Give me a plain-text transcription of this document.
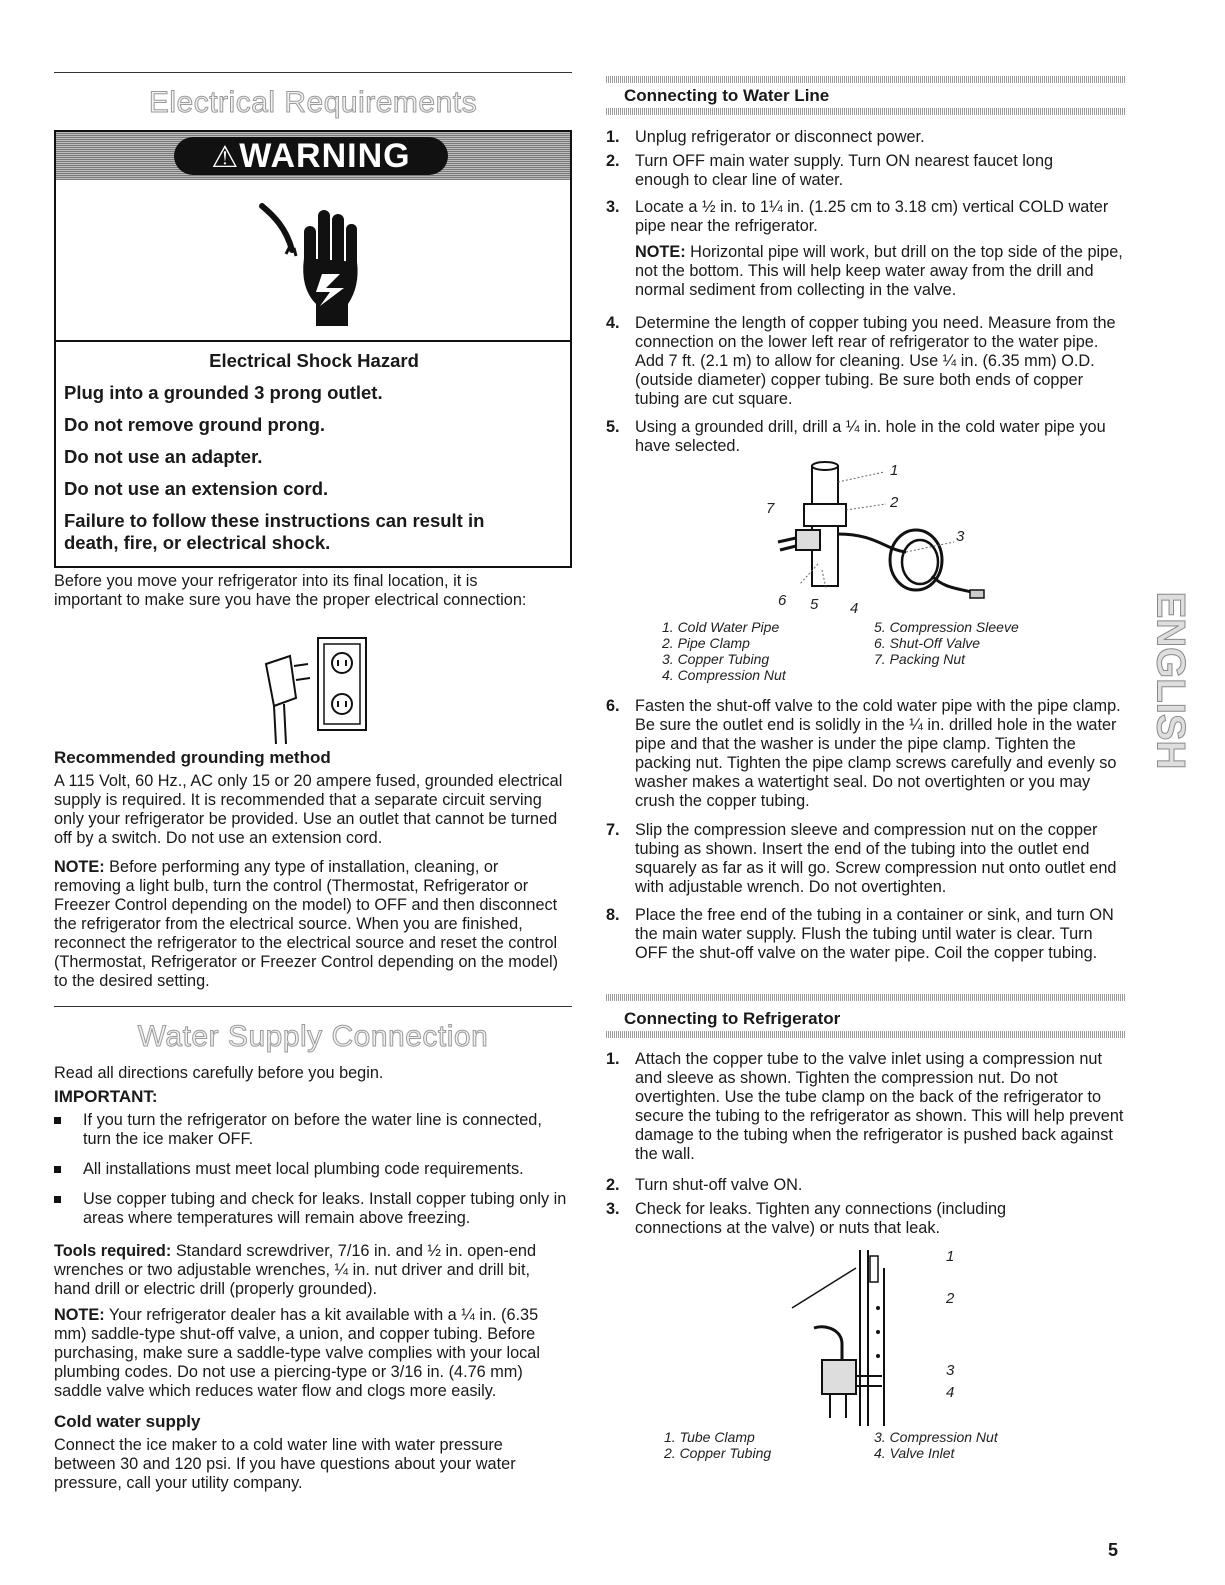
Electrical Requirements
⚠WARNING
Electrical Shock Hazard
Plug into a grounded 3 prong outlet.
Do not remove ground prong.
Do not use an adapter.
Do not use an extension cord.
Failure to follow these instructions can result in death, fire, or electrical shock.

Before you move your refrigerator into its final location, it is important to make sure you have the proper electrical connection:

Recommended grounding method

A 115 Volt, 60 Hz., AC only 15 or 20 ampere fused, grounded electrical supply is required. It is recommended that a separate circuit serving only your refrigerator be provided. Use an outlet that cannot be turned off by a switch. Do not use an extension cord.

NOTE: Before performing any type of installation, cleaning, or removing a light bulb, turn the control (Thermostat, Refrigerator or Freezer Control depending on the model) to OFF and then disconnect the refrigerator from the electrical source. When you are finished, reconnect the refrigerator to the electrical source and reset the control (Thermostat, Refrigerator or Freezer Control depending on the model) to the desired setting.

Water Supply Connection

Read all directions carefully before you begin.

IMPORTANT:
If you turn the refrigerator on before the water line is connected, turn the ice maker OFF.
All installations must meet local plumbing code requirements.
Use copper tubing and check for leaks. Install copper tubing only in areas where temperatures will remain above freezing.

Tools required: Standard screwdriver, 7/16 in. and ½ in. open-end wrenches or two adjustable wrenches, ¼ in. nut driver and drill bit, hand drill or electric drill (properly grounded).

NOTE: Your refrigerator dealer has a kit available with a ¼ in. (6.35 mm) saddle-type shut-off valve, a union, and copper tubing. Before purchasing, make sure a saddle-type valve complies with your local plumbing codes. Do not use a piercing-type or 3/16 in. (4.76 mm) saddle valve which reduces water flow and clogs more easily.

Cold water supply

Connect the ice maker to a cold water line with water pressure between 30 and 120 psi. If you have questions about your water pressure, call your utility company.

Connecting to Water Line
1. Unplug refrigerator or disconnect power.
2. Turn OFF main water supply. Turn ON nearest faucet long enough to clear line of water.
3. Locate a ½ in. to 1¼ in. (1.25 cm to 3.18 cm) vertical COLD water pipe near the refrigerator.

NOTE: Horizontal pipe will work, but drill on the top side of the pipe, not the bottom. This will help keep water away from the drill and normal sediment from collecting in the valve.

4. Determine the length of copper tubing you need. Measure from the connection on the lower left rear of refrigerator to the water pipe. Add 7 ft. (2.1 m) to allow for cleaning. Use ¼ in. (6.35 mm) O.D. (outside diameter) copper tubing. Be sure both ends of copper tubing are cut square.
5. Using a grounded drill, drill a ¼ in. hole in the cold water pipe you have selected.
1
2
3
4
5
6
7
1. Cold Water Pipe
2. Pipe Clamp
3. Copper Tubing
4. Compression Nut
5. Compression Sleeve
6. Shut-Off Valve
7. Packing Nut
6. Fasten the shut-off valve to the cold water pipe with the pipe clamp. Be sure the outlet end is solidly in the ¼ in. drilled hole in the water pipe and that the washer is under the pipe clamp. Tighten the packing nut. Tighten the pipe clamp screws carefully and evenly so washer makes a watertight seal. Do not overtighten or you may crush the copper tubing.
7. Slip the compression sleeve and compression nut on the copper tubing as shown. Insert the end of the tubing into the outlet end squarely as far as it will go. Screw compression nut onto outlet end with adjustable wrench. Do not overtighten.
8. Place the free end of the tubing in a container or sink, and turn ON the main water supply. Flush the tubing until water is clear. Turn OFF the shut-off valve on the water pipe. Coil the copper tubing.
Connecting to Refrigerator
1. Attach the copper tube to the valve inlet using a compression nut and sleeve as shown. Tighten the compression nut. Do not overtighten. Use the tube clamp on the back of the refrigerator to secure the tubing to the refrigerator as shown. This will help prevent damage to the tubing when the refrigerator is pushed back against the wall.
2. Turn shut-off valve ON.
3. Check for leaks. Tighten any connections (including connections at the valve) or nuts that leak.
1
2
3
4
1. Tube Clamp
2. Copper Tubing
3. Compression Nut
4. Valve Inlet
ENGLISH
5
